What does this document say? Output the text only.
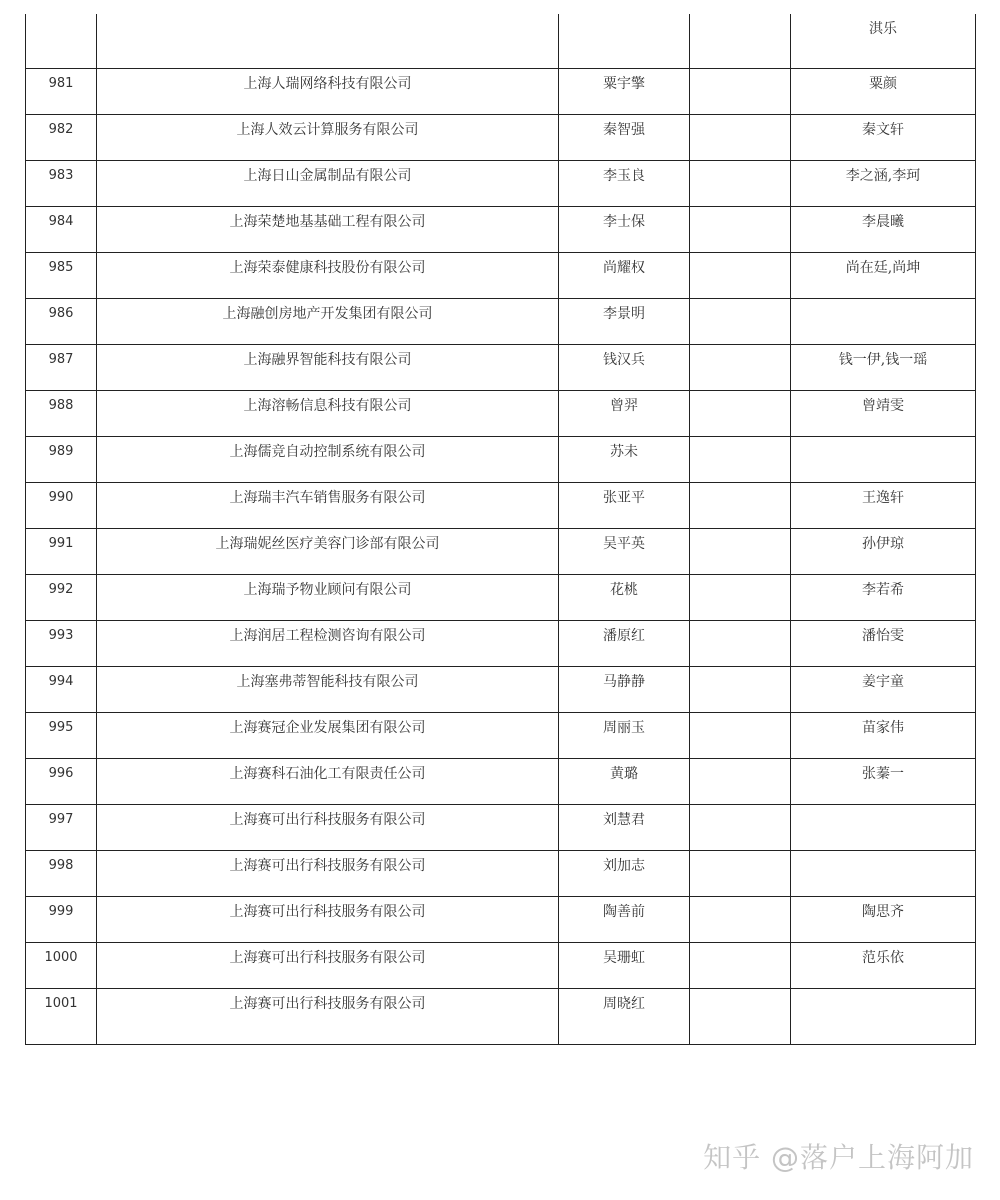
				淇乐
981	上海人瑞网络科技有限公司	粟宇擎		粟颜
982	上海人效云计算服务有限公司	秦智强		秦文轩
983	上海日山金属制品有限公司	李玉良		李之涵,李珂
984	上海荣楚地基基础工程有限公司	李士保		李晨曦
985	上海荣泰健康科技股份有限公司	尚耀权		尚在廷,尚坤
986	上海融创房地产开发集团有限公司	李景明		
987	上海融界智能科技有限公司	钱汉兵		钱一伊,钱一瑶
988	上海溶畅信息科技有限公司	曾羿		曾靖雯
989	上海儒竞自动控制系统有限公司	苏未		
990	上海瑞丰汽车销售服务有限公司	张亚平		王逸轩
991	上海瑞妮丝医疗美容门诊部有限公司	吴平英		孙伊琼
992	上海瑞予物业顾问有限公司	花桃		李若希
993	上海润居工程检测咨询有限公司	潘原红		潘怡雯
994	上海塞弗蒂智能科技有限公司	马静静		姜宇童
995	上海赛冠企业发展集团有限公司	周丽玉		苗家伟
996	上海赛科石油化工有限责任公司	黄璐		张蓁一
997	上海赛可出行科技服务有限公司	刘慧君		
998	上海赛可出行科技服务有限公司	刘加志		
999	上海赛可出行科技服务有限公司	陶善前		陶思齐
1000	上海赛可出行科技服务有限公司	吴珊虹		范乐依
1001	上海赛可出行科技服务有限公司	周晓红		
知乎 @落户上海阿加
